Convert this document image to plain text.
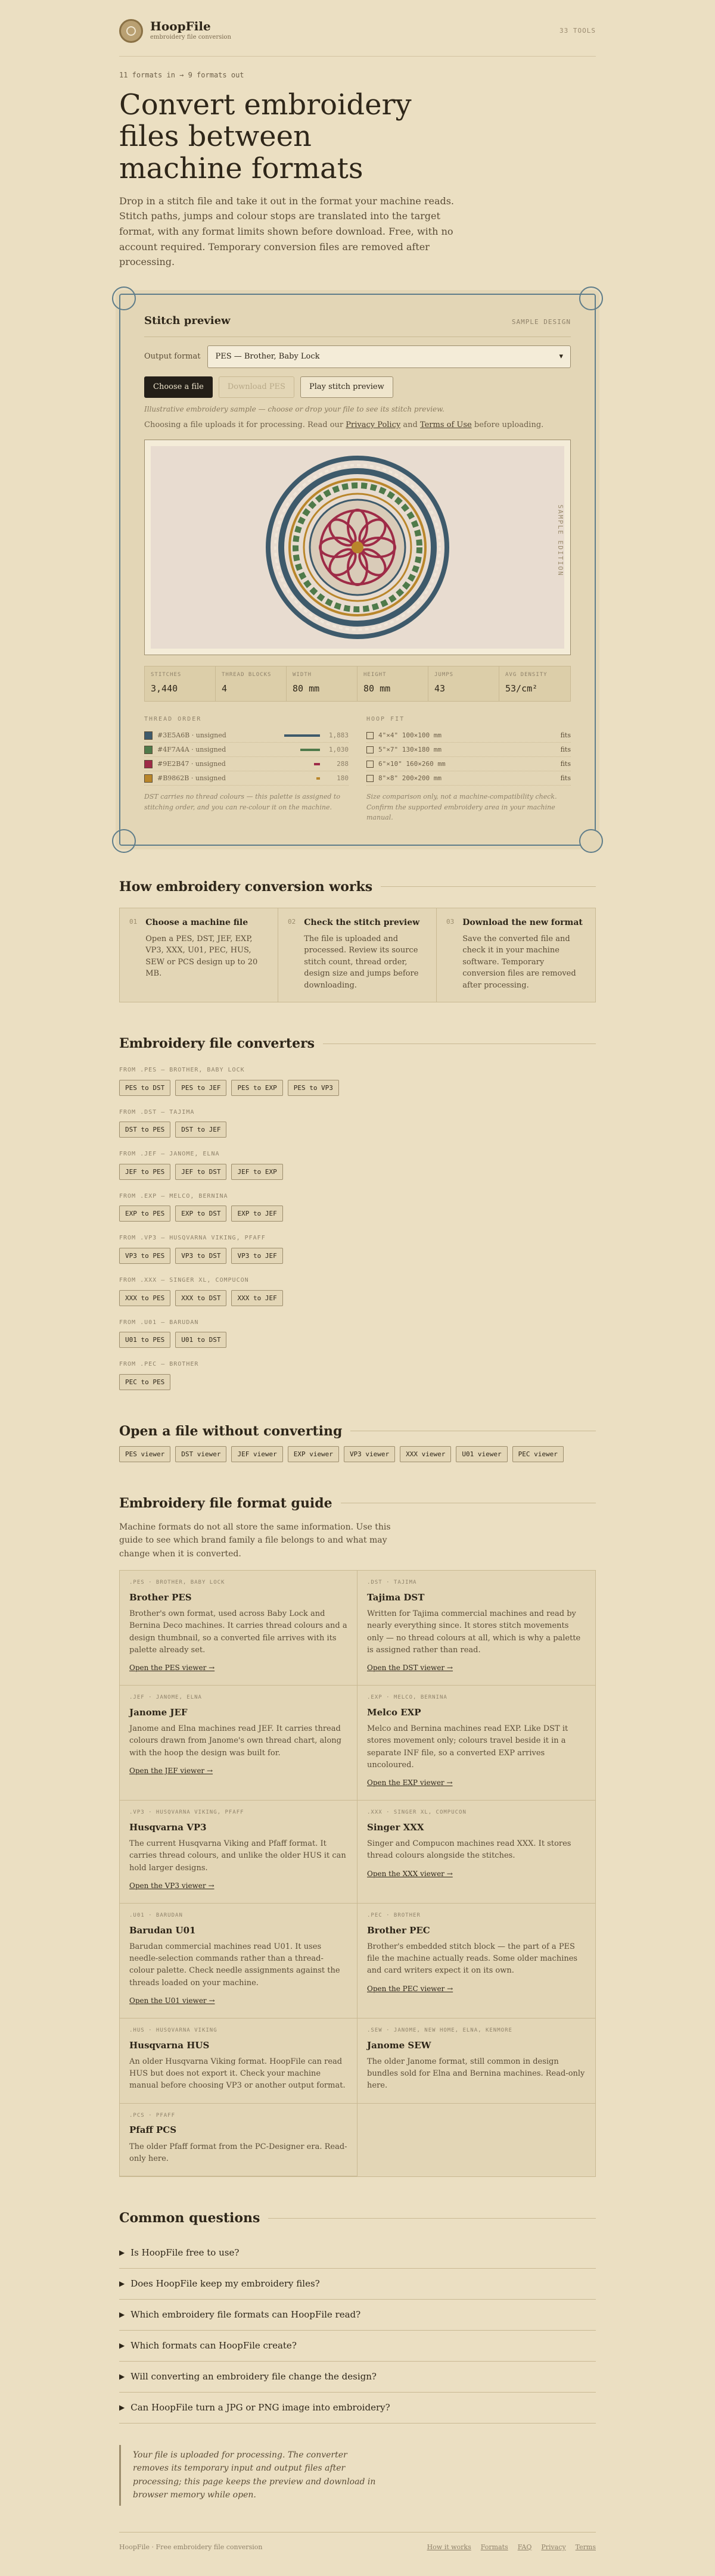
HoopFile
embroidery file conversion
33 TOOLS
11 formats in → 9 formats out
Convert embroidery files between machine formats

Drop in a stitch file and take it out in the format your machine reads. Stitch paths, jumps and colour stops are translated into the target format, with any format limits shown before download. Free, with no account required. Temporary conversion files are removed after processing.

Stitch preview	SAMPLE DESIGN
Output format PES — Brother, Baby Lock	▾
Choose a file	Download PES	Play stitch preview
Illustrative embroidery sample — choose or drop your file to see its stitch preview.
Choosing a file uploads it for processing. Read our Privacy Policy and Terms of Use before uploading.
SAMPLE EDITION
STITCHES
3,440
THREAD BLOCKS
4
WIDTH
80 mm
HEIGHT
80 mm
JUMPS
43
AVG DENSITY
53/cm²
THREAD ORDER
#3E5A6B · unsigned	1,883
#4F7A4A · unsigned	1,030
#9E2B47 · unsigned	288
#B9862B · unsigned	180
DST carries no thread colours — this palette is assigned to stitching order, and you can re-colour it on the machine.
HOOP FIT
4"×4" 100×100 mm	fits
5"×7" 130×180 mm	fits
6"×10" 160×260 mm	fits
8"×8" 200×200 mm	fits
Size comparison only, not a machine-compatibility check. Confirm the supported embroidery area in your machine manual.
How embroidery conversion works
01 Choose a machine file
Open a PES, DST, JEF, EXP, VP3, XXX, U01, PEC, HUS, SEW or PCS design up to 20 MB.
02 Check the stitch preview
The file is uploaded and processed. Review its source stitch count, thread order, design size and jumps before downloading.
03 Download the new format
Save the converted file and check it in your machine software. Temporary conversion files are removed after processing.
Embroidery file converters
FROM .PES — BROTHER, BABY LOCK
PES to DST	PES to JEF	PES to EXP	PES to VP3
FROM .DST — TAJIMA
DST to PES	DST to JEF
FROM .JEF — JANOME, ELNA
JEF to PES	JEF to DST	JEF to EXP
FROM .EXP — MELCO, BERNINA
EXP to PES	EXP to DST	EXP to JEF
FROM .VP3 — HUSQVARNA VIKING, PFAFF
VP3 to PES	VP3 to DST	VP3 to JEF
FROM .XXX — SINGER XL, COMPUCON
XXX to PES	XXX to DST	XXX to JEF
FROM .U01 — BARUDAN
U01 to PES	U01 to DST
FROM .PEC — BROTHER
PEC to PES
Open a file without converting
PES viewer	DST viewer	JEF viewer	EXP viewer	VP3 viewer	XXX viewer	U01 viewer	PEC viewer
Embroidery file format guide

Machine formats do not all store the same information. Use this guide to see which brand family a file belongs to and what may change when it is converted.

.PES · BROTHER, BABY LOCK
Brother PES
Brother's own format, used across Baby Lock and Bernina Deco machines. It carries thread colours and a design thumbnail, so a converted file arrives with its palette already set.
Open the PES viewer →
.DST · TAJIMA
Tajima DST
Written for Tajima commercial machines and read by nearly everything since. It stores stitch movements only — no thread colours at all, which is why a palette is assigned rather than read.
Open the DST viewer →
.JEF · JANOME, ELNA
Janome JEF
Janome and Elna machines read JEF. It carries thread colours drawn from Janome's own thread chart, along with the hoop the design was built for.
Open the JEF viewer →
.EXP · MELCO, BERNINA
Melco EXP
Melco and Bernina machines read EXP. Like DST it stores movement only; colours travel beside it in a separate INF file, so a converted EXP arrives uncoloured.
Open the EXP viewer →
.VP3 · HUSQVARNA VIKING, PFAFF
Husqvarna VP3
The current Husqvarna Viking and Pfaff format. It carries thread colours, and unlike the older HUS it can hold larger designs.
Open the VP3 viewer →
.XXX · SINGER XL, COMPUCON
Singer XXX
Singer and Compucon machines read XXX. It stores thread colours alongside the stitches.
Open the XXX viewer →
.U01 · BARUDAN
Barudan U01
Barudan commercial machines read U01. It uses needle-selection commands rather than a thread-colour palette. Check needle assignments against the threads loaded on your machine.
Open the U01 viewer →
.PEC · BROTHER
Brother PEC
Brother's embedded stitch block — the part of a PES file the machine actually reads. Some older machines and card writers expect it on its own.
Open the PEC viewer →
.HUS · HUSQVARNA VIKING
Husqvarna HUS
An older Husqvarna Viking format. HoopFile can read HUS but does not export it. Check your machine manual before choosing VP3 or another output format.
.SEW · JANOME, NEW HOME, ELNA, KENMORE
Janome SEW
The older Janome format, still common in design bundles sold for Elna and Bernina machines. Read-only here.
.PCS · PFAFF
Pfaff PCS
The older Pfaff format from the PC-Designer era. Read-only here.
Common questions
▶ Is HoopFile free to use?
▶ Does HoopFile keep my embroidery files?
▶ Which embroidery file formats can HoopFile read?
▶ Which formats can HoopFile create?
▶ Will converting an embroidery file change the design?
▶ Can HoopFile turn a JPG or PNG image into embroidery?
Your file is uploaded for processing. The converter removes its temporary input and output files after processing; this page keeps the preview and download in browser memory while open.
HoopFile · Free embroidery file conversion	How it works Formats FAQ Privacy Terms
